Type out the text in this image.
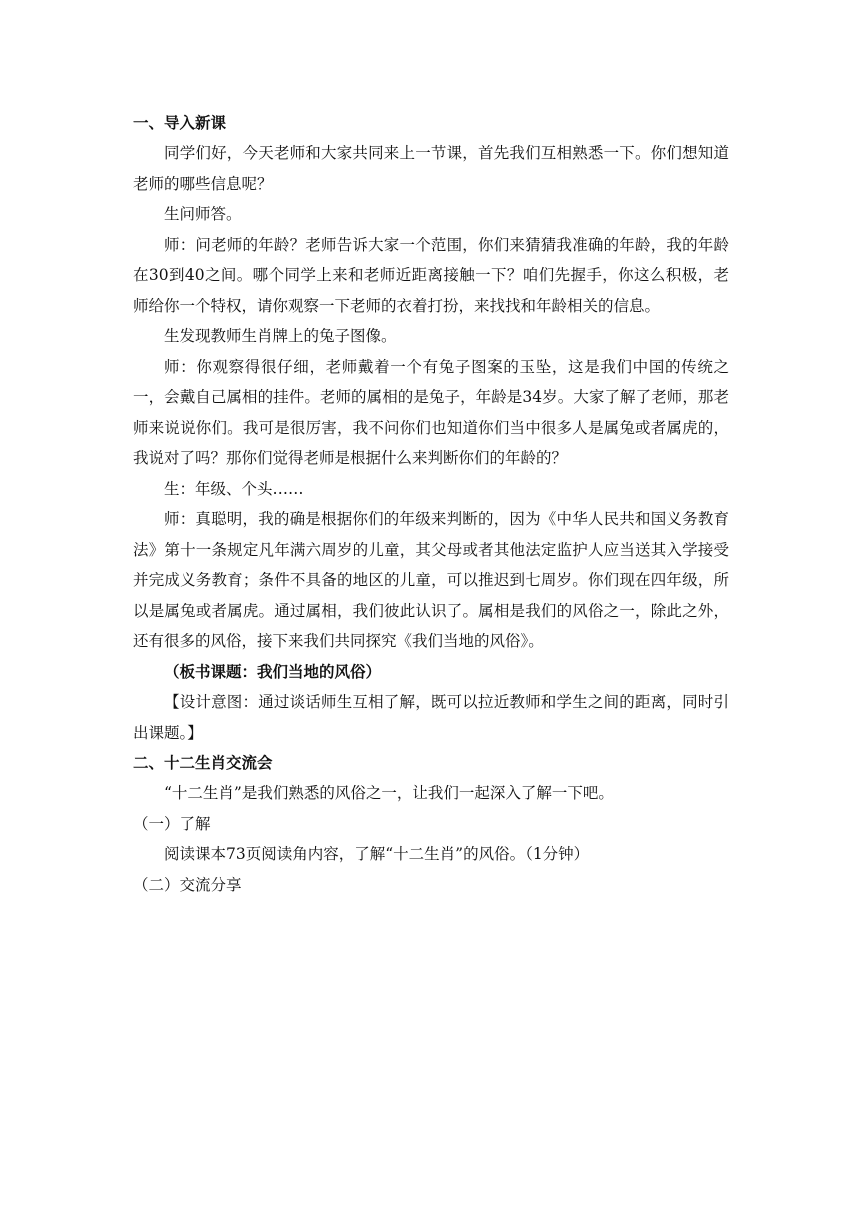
一、导入新课

同学们好，今天老师和大家共同来上一节课，首先我们互相熟悉一下。你们想知道老师的哪些信息呢？

生问师答。

师：问老师的年龄？老师告诉大家一个范围，你们来猜猜我准确的年龄，我的年龄在30到40之间。哪个同学上来和老师近距离接触一下？咱们先握手，你这么积极，老师给你一个特权，请你观察一下老师的衣着打扮，来找找和年龄相关的信息。

生发现教师生肖牌上的兔子图像。

师：你观察得很仔细，老师戴着一个有兔子图案的玉坠，这是我们中国的传统之一，会戴自己属相的挂件。老师的属相的是兔子，年龄是34岁。大家了解了老师，那老师来说说你们。我可是很厉害，我不问你们也知道你们当中很多人是属兔或者属虎的，我说对了吗？那你们觉得老师是根据什么来判断你们的年龄的？

生：年级、个头……

师：真聪明，我的确是根据你们的年级来判断的，因为《中华人民共和国义务教育法》第十一条规定凡年满六周岁的儿童，其父母或者其他法定监护人应当送其入学接受并完成义务教育；条件不具备的地区的儿童，可以推迟到七周岁。你们现在四年级，所以是属兔或者属虎。通过属相，我们彼此认识了。属相是我们的风俗之一，除此之外，还有很多的风俗，接下来我们共同探究《我们当地的风俗》。

（板书课题：我们当地的风俗）

【设计意图：通过谈话师生互相了解，既可以拉近教师和学生之间的距离，同时引出课题。】

二、十二生肖交流会

“十二生肖”是我们熟悉的风俗之一，让我们一起深入了解一下吧。

（一）了解

阅读课本73页阅读角内容，了解“十二生肖”的风俗。（1分钟）

（二）交流分享
